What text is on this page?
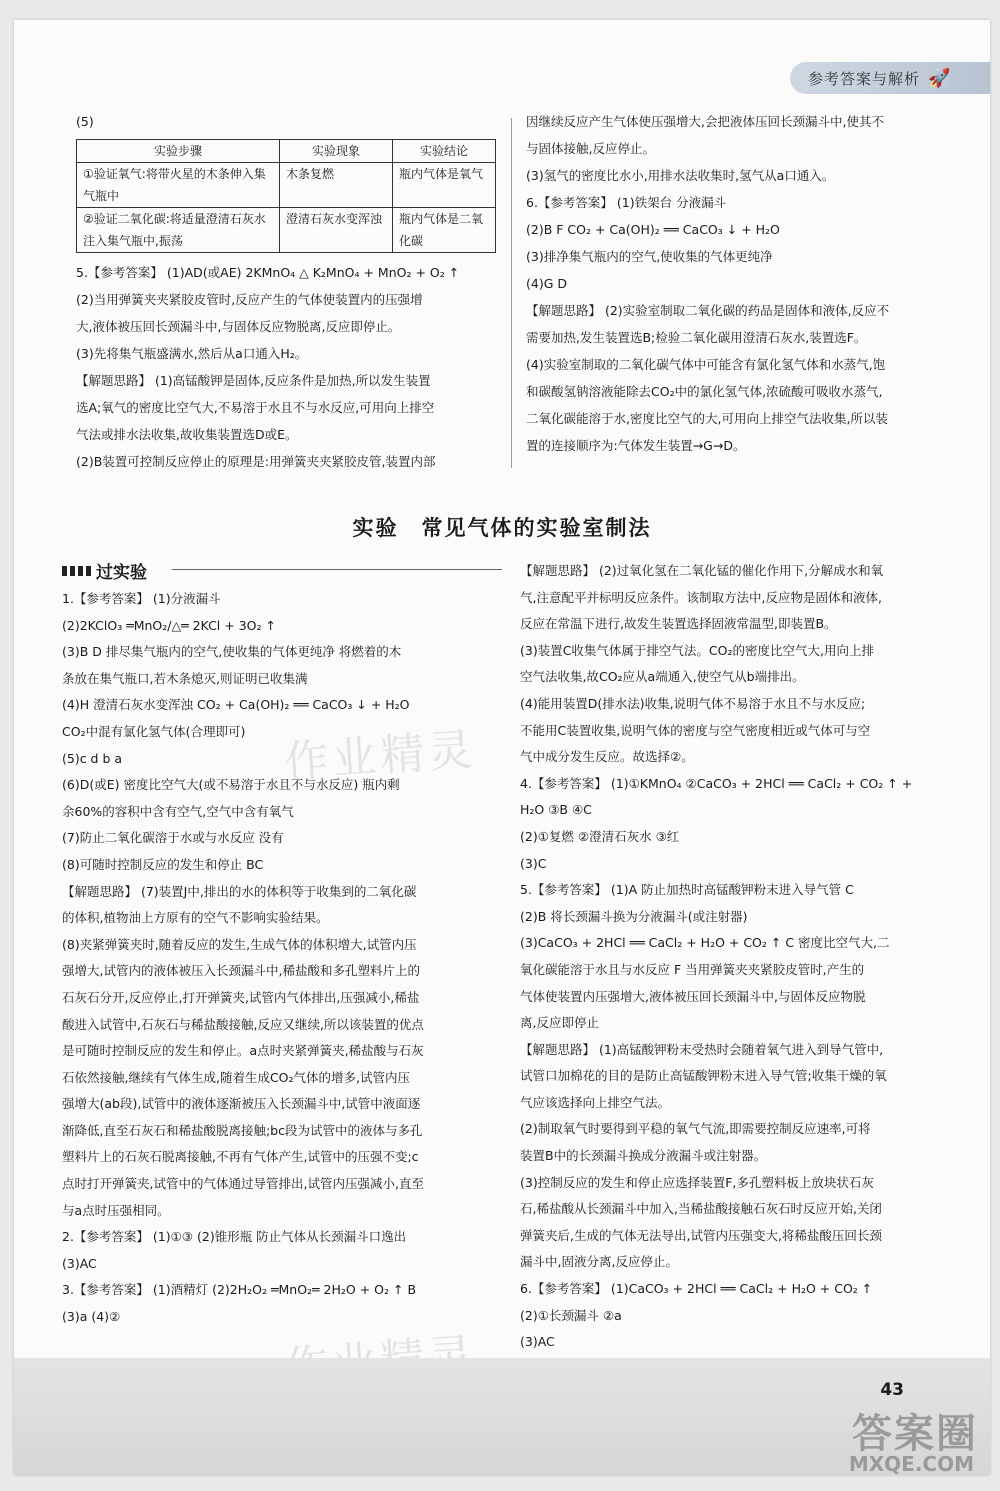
参考答案与解析 🚀

(5)

实验步骤	实验现象	实验结论
①验证氧气:将带火星的木条伸入集气瓶中	木条复燃	瓶内气体是氧气
②验证二氧化碳:将适量澄清石灰水注入集气瓶中,振荡	澄清石灰水变浑浊	瓶内气体是二氧化碳

5.【参考答案】 (1)AD(或AE) 2KMnO₄ △ K₂MnO₄ + MnO₂ + O₂ ↑

(2)当用弹簧夹夹紧胶皮管时,反应产生的气体使装置内的压强增

大,液体被压回长颈漏斗中,与固体反应物脱离,反应即停止。

(3)先将集气瓶盛满水,然后从a口通入H₂。

【解题思路】 (1)高锰酸钾是固体,反应条件是加热,所以发生装置

选A;氧气的密度比空气大,不易溶于水且不与水反应,可用向上排空

气法或排水法收集,故收集装置选D或E。

(2)B装置可控制反应停止的原理是:用弹簧夹夹紧胶皮管,装置内部

因继续反应产生气体使压强增大,会把液体压回长颈漏斗中,使其不

与固体接触,反应停止。

(3)氢气的密度比水小,用排水法收集时,氢气从a口通入。

6.【参考答案】 (1)铁架台 分液漏斗

(2)B F CO₂ + Ca(OH)₂ ══ CaCO₃ ↓ + H₂O

(3)排净集气瓶内的空气,使收集的气体更纯净

(4)G D

【解题思路】 (2)实验室制取二氧化碳的药品是固体和液体,反应不

需要加热,发生装置选B;检验二氧化碳用澄清石灰水,装置选F。

(4)实验室制取的二氧化碳气体中可能含有氯化氢气体和水蒸气,饱

和碳酸氢钠溶液能除去CO₂中的氯化氢气体,浓硫酸可吸收水蒸气,

二氧化碳能溶于水,密度比空气的大,可用向上排空气法收集,所以装

置的连接顺序为:气体发生装置→G→D。

实验　常见气体的实验室制法
过实验

1.【参考答案】 (1)分液漏斗

(2)2KClO₃ ═MnO₂/△═ 2KCl + 3O₂ ↑

(3)B D 排尽集气瓶内的空气,使收集的气体更纯净 将燃着的木

条放在集气瓶口,若木条熄灭,则证明已收集满

(4)H 澄清石灰水变浑浊 CO₂ + Ca(OH)₂ ══ CaCO₃ ↓ + H₂O

CO₂中混有氯化氢气体(合理即可)

(5)c d b a

(6)D(或E) 密度比空气大(或不易溶于水且不与水反应) 瓶内剩

余60%的容积中含有空气,空气中含有氧气

(7)防止二氧化碳溶于水或与水反应 没有

(8)可随时控制反应的发生和停止 BC

【解题思路】 (7)装置J中,排出的水的体积等于收集到的二氧化碳

的体积,植物油上方原有的空气不影响实验结果。

(8)夹紧弹簧夹时,随着反应的发生,生成气体的体积增大,试管内压

强增大,试管内的液体被压入长颈漏斗中,稀盐酸和多孔塑料片上的

石灰石分开,反应停止,打开弹簧夹,试管内气体排出,压强减小,稀盐

酸进入试管中,石灰石与稀盐酸接触,反应又继续,所以该装置的优点

是可随时控制反应的发生和停止。a点时夹紧弹簧夹,稀盐酸与石灰

石依然接触,继续有气体生成,随着生成CO₂气体的增多,试管内压

强增大(ab段),试管中的液体逐渐被压入长颈漏斗中,试管中液面逐

渐降低,直至石灰石和稀盐酸脱离接触;bc段为试管中的液体与多孔

塑料片上的石灰石脱离接触,不再有气体产生,试管中的压强不变;c

点时打开弹簧夹,试管中的气体通过导管排出,试管内压强减小,直至

与a点时压强相同。

2.【参考答案】 (1)①③ (2)锥形瓶 防止气体从长颈漏斗口逸出

(3)AC

3.【参考答案】 (1)酒精灯 (2)2H₂O₂ ═MnO₂═ 2H₂O + O₂ ↑ B

(3)a (4)②

【解题思路】 (2)过氧化氢在二氧化锰的催化作用下,分解成水和氧

气,注意配平并标明反应条件。该制取方法中,反应物是固体和液体,

反应在常温下进行,故发生装置选择固液常温型,即装置B。

(3)装置C收集气体属于排空气法。CO₂的密度比空气大,用向上排

空气法收集,故CO₂应从a端通入,使空气从b端排出。

(4)能用装置D(排水法)收集,说明气体不易溶于水且不与水反应;

不能用C装置收集,说明气体的密度与空气密度相近或气体可与空

气中成分发生反应。故选择②。

4.【参考答案】 (1)①KMnO₄ ②CaCO₃ + 2HCl ══ CaCl₂ + CO₂ ↑ +

H₂O ③B ④C

(2)①复燃 ②澄清石灰水 ③红

(3)C

5.【参考答案】 (1)A 防止加热时高锰酸钾粉末进入导气管 C

(2)B 将长颈漏斗换为分液漏斗(或注射器)

(3)CaCO₃ + 2HCl ══ CaCl₂ + H₂O + CO₂ ↑ C 密度比空气大,二

氧化碳能溶于水且与水反应 F 当用弹簧夹夹紧胶皮管时,产生的

气体使装置内压强增大,液体被压回长颈漏斗中,与固体反应物脱

离,反应即停止

【解题思路】 (1)高锰酸钾粉末受热时会随着氧气进入到导气管中,

试管口加棉花的目的是防止高锰酸钾粉末进入导气管;收集干燥的氧

气应该选择向上排空气法。

(2)制取氧气时要得到平稳的氧气气流,即需要控制反应速率,可将

装置B中的长颈漏斗换成分液漏斗或注射器。

(3)控制反应的发生和停止应选择装置F,多孔塑料板上放块状石灰

石,稀盐酸从长颈漏斗中加入,当稀盐酸接触石灰石时反应开始,关闭

弹簧夹后,生成的气体无法导出,试管内压强变大,将稀盐酸压回长颈

漏斗中,固液分离,反应停止。

6.【参考答案】 (1)CaCO₃ + 2HCl ══ CaCl₂ + H₂O + CO₂ ↑

(2)①长颈漏斗 ②a

(3)AC

作业精灵
43
答案圈
MXQE.COM
